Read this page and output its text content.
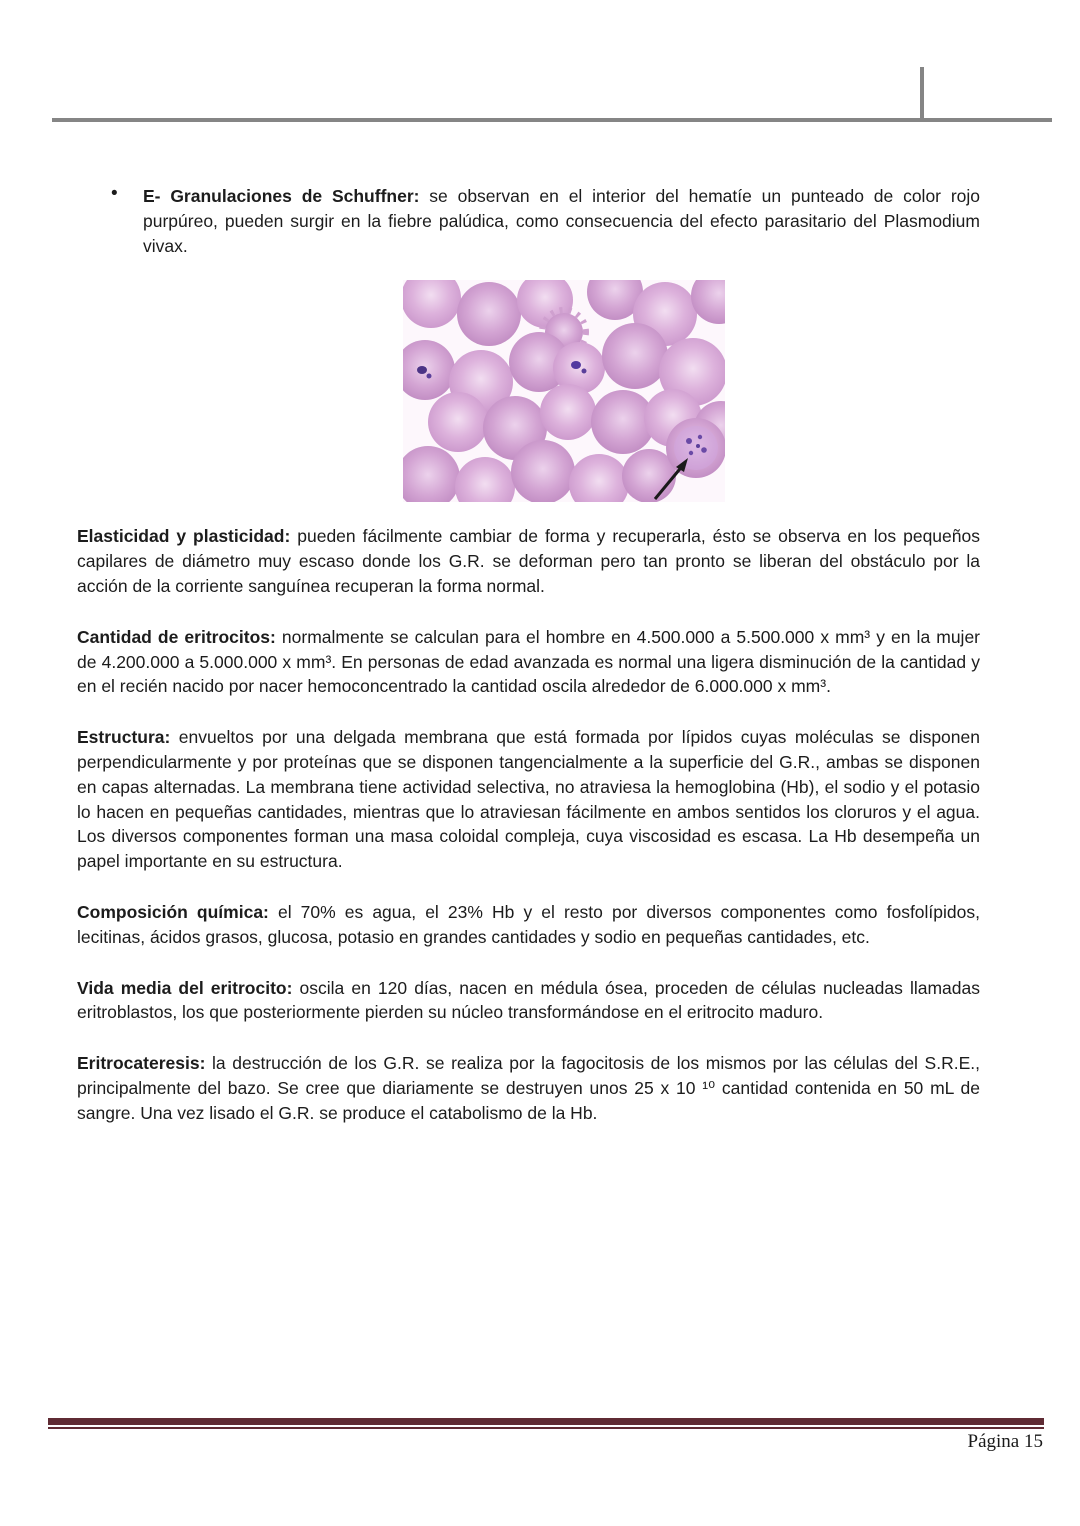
• E- Granulaciones de Schuffner: se observan en el interior del hematíe un punteado de color rojo purpúreo, pueden surgir en la fiebre palúdica, como consecuencia del efecto parasitario del Plasmodium vivax.

Elasticidad y plasticidad: pueden fácilmente cambiar de forma y recuperarla, ésto se observa en los pequeños capilares de diámetro muy escaso donde los G.R. se deforman pero tan pronto se liberan del obstáculo por la acción de la corriente sanguínea recuperan la forma normal.

Cantidad de eritrocitos: normalmente se calculan para el hombre en 4.500.000 a 5.500.000 x mm³ y en la mujer de 4.200.000 a 5.000.000 x mm³. En personas de edad avanzada es normal una ligera disminución de la cantidad y en el recién nacido por nacer hemoconcentrado la cantidad oscila alrededor de 6.000.000 x mm³.

Estructura: envueltos por una delgada membrana que está formada por lípidos cuyas moléculas se disponen perpendicularmente y por proteínas que se disponen tangencialmente a la superficie del G.R., ambas se disponen en capas alternadas. La membrana tiene actividad selectiva, no atraviesa la hemoglobina (Hb), el sodio y el potasio lo hacen en pequeñas cantidades, mientras que lo atraviesan fácilmente en ambos sentidos los cloruros y el agua. Los diversos componentes forman una masa coloidal compleja, cuya viscosidad es escasa. La Hb desempeña un papel importante en su estructura.

Composición química: el 70% es agua, el 23% Hb y el resto por diversos componentes como fosfolípidos, lecitinas, ácidos grasos, glucosa, potasio en grandes cantidades y sodio en pequeñas cantidades, etc.

Vida media del eritrocito: oscila en 120 días, nacen en médula ósea, proceden de células nucleadas llamadas eritroblastos, los que posteriormente pierden su núcleo transformándose en el eritrocito maduro.

Eritrocateresis: la destrucción de los G.R. se realiza por la fagocitosis de los mismos por las células del S.R.E., principalmente del bazo. Se cree que diariamente se destruyen unos 25 x 10 ¹⁰ cantidad contenida en 50 mL de sangre. Una vez lisado el G.R. se produce el catabolismo de la Hb.

Página 15
